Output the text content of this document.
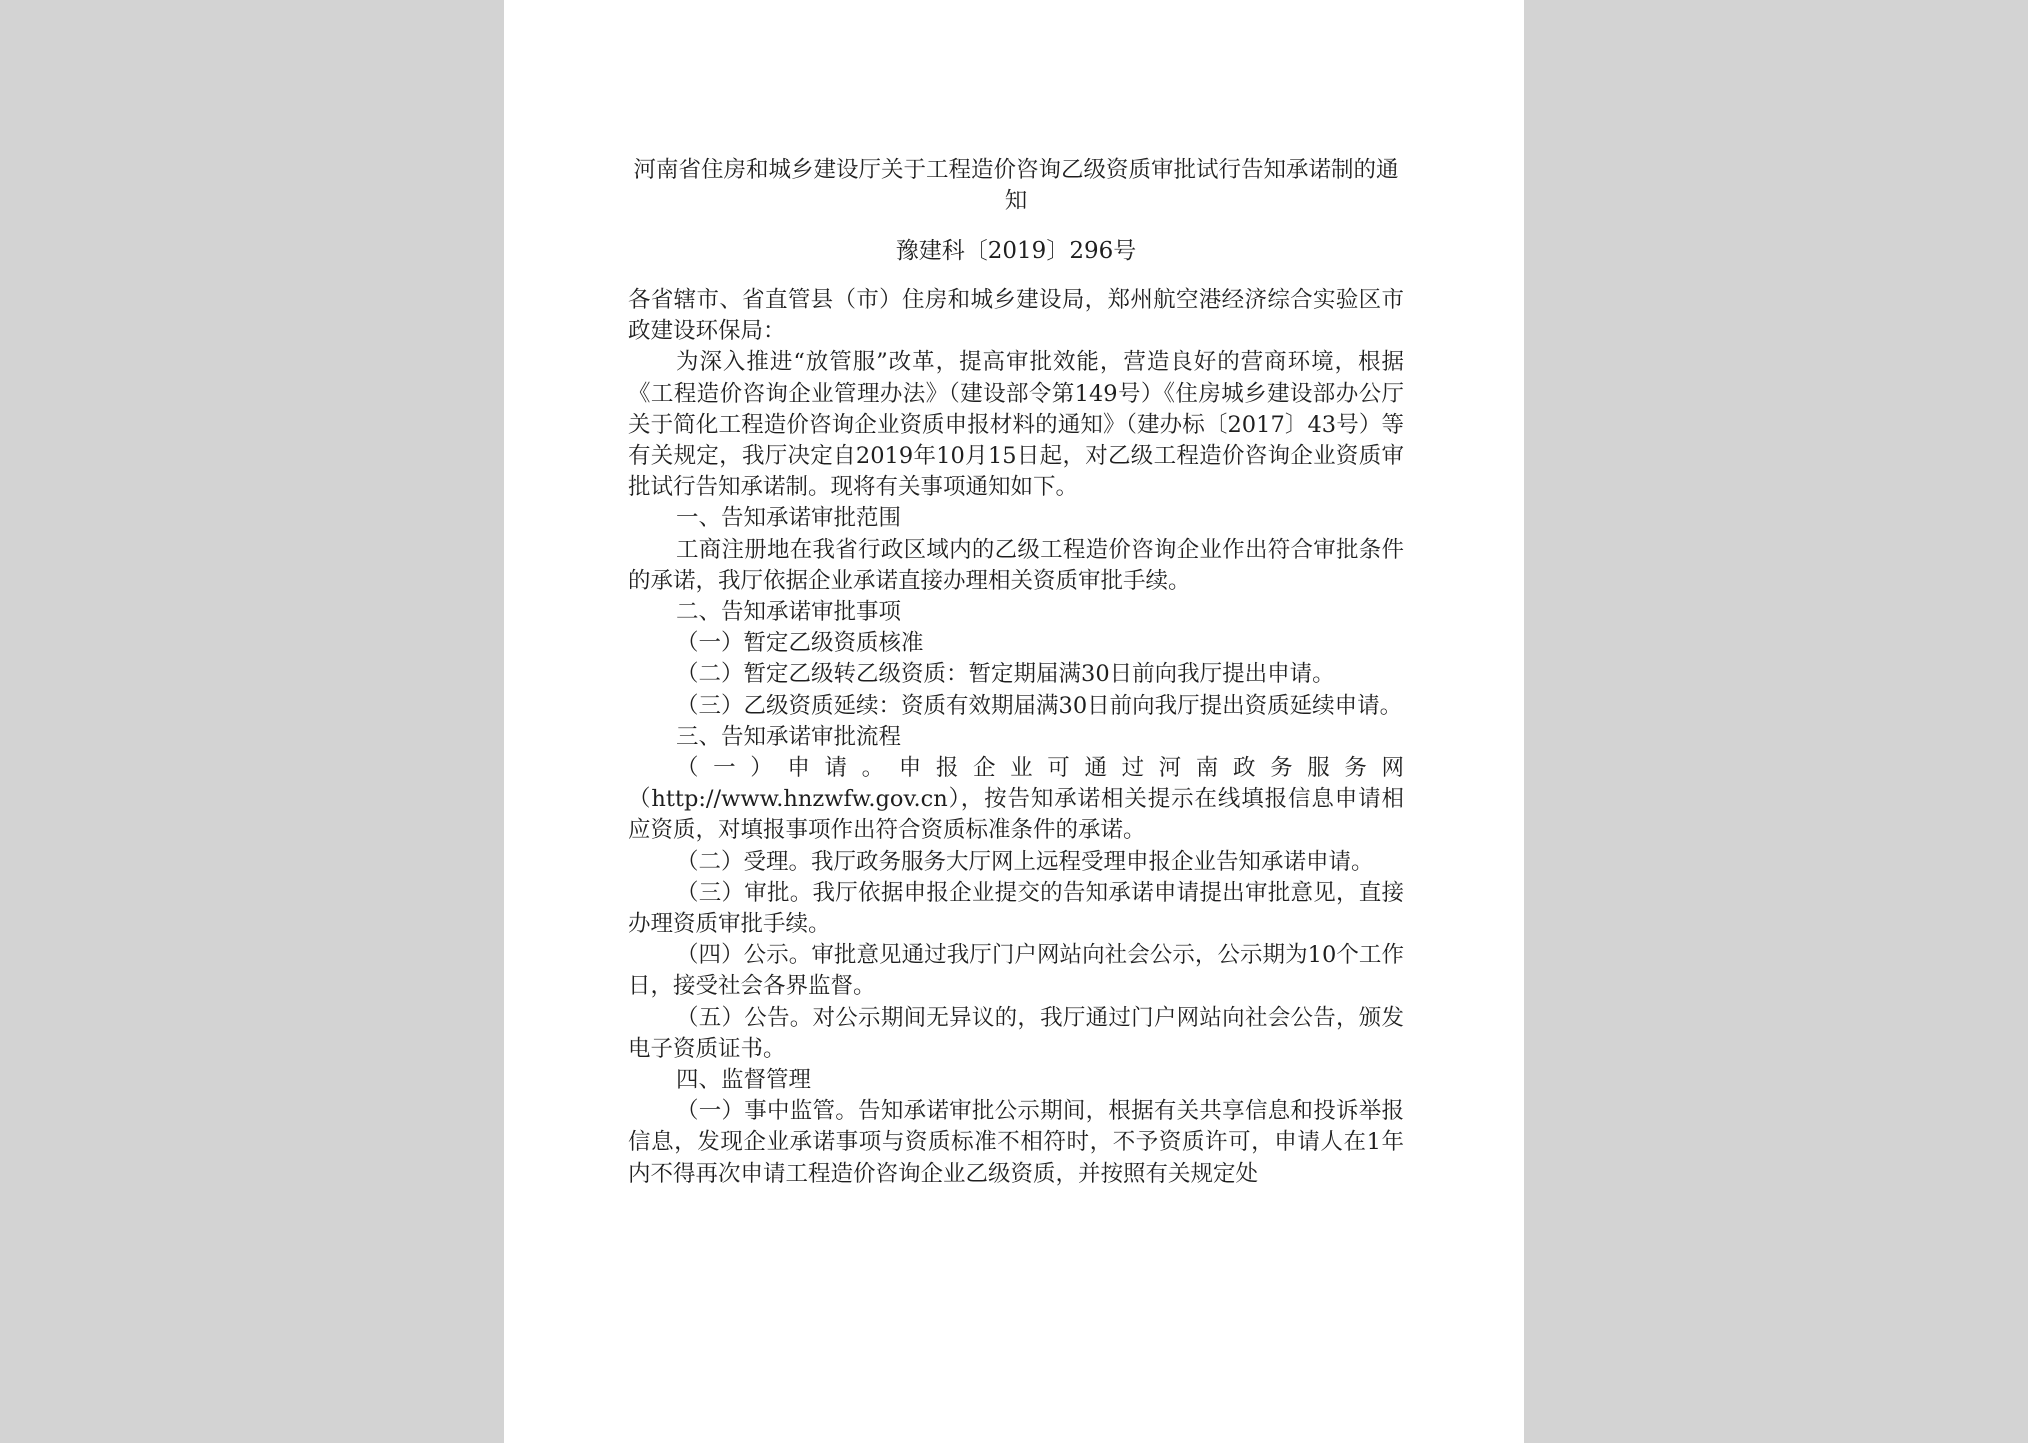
河南省住房和城乡建设厅关于工程造价咨询乙级资质审批试行告知承诺制的通知

豫建科〔2019〕296号

各省辖市、省直管县（市）住房和城乡建设局，郑州航空港经济综合实验区市政建设环保局：

为深入推进“放管服”改革，提高审批效能，营造良好的营商环境，根据《工程造价咨询企业管理办法》（建设部令第149号）《住房城乡建设部办公厅关于简化工程造价咨询企业资质申报材料的通知》（建办标〔2017〕43号）等有关规定，我厅决定自2019年10月15日起，对乙级工程造价咨询企业资质审批试行告知承诺制。现将有关事项通知如下。

一、告知承诺审批范围

工商注册地在我省行政区域内的乙级工程造价咨询企业作出符合审批条件的承诺，我厅依据企业承诺直接办理相关资质审批手续。

二、告知承诺审批事项

（一）暂定乙级资质核准

（二）暂定乙级转乙级资质：暂定期届满30日前向我厅提出申请。

（三）乙级资质延续：资质有效期届满30日前向我厅提出资质延续申请。

三、告知承诺审批流程

（一）申请。申报企业可通过河南政务服务网（http://www.hnzwfw.gov.cn），按告知承诺相关提示在线填报信息申请相应资质，对填报事项作出符合资质标准条件的承诺。

（二）受理。我厅政务服务大厅网上远程受理申报企业告知承诺申请。

（三）审批。我厅依据申报企业提交的告知承诺申请提出审批意见，直接办理资质审批手续。

（四）公示。审批意见通过我厅门户网站向社会公示，公示期为10个工作日，接受社会各界监督。

（五）公告。对公示期间无异议的，我厅通过门户网站向社会公告，颁发电子资质证书。

四、监督管理

（一）事中监管。告知承诺审批公示期间，根据有关共享信息和投诉举报信息，发现企业承诺事项与资质标准不相符时，不予资质许可，申请人在1年内不得再次申请工程造价咨询企业乙级资质，并按照有关规定处
